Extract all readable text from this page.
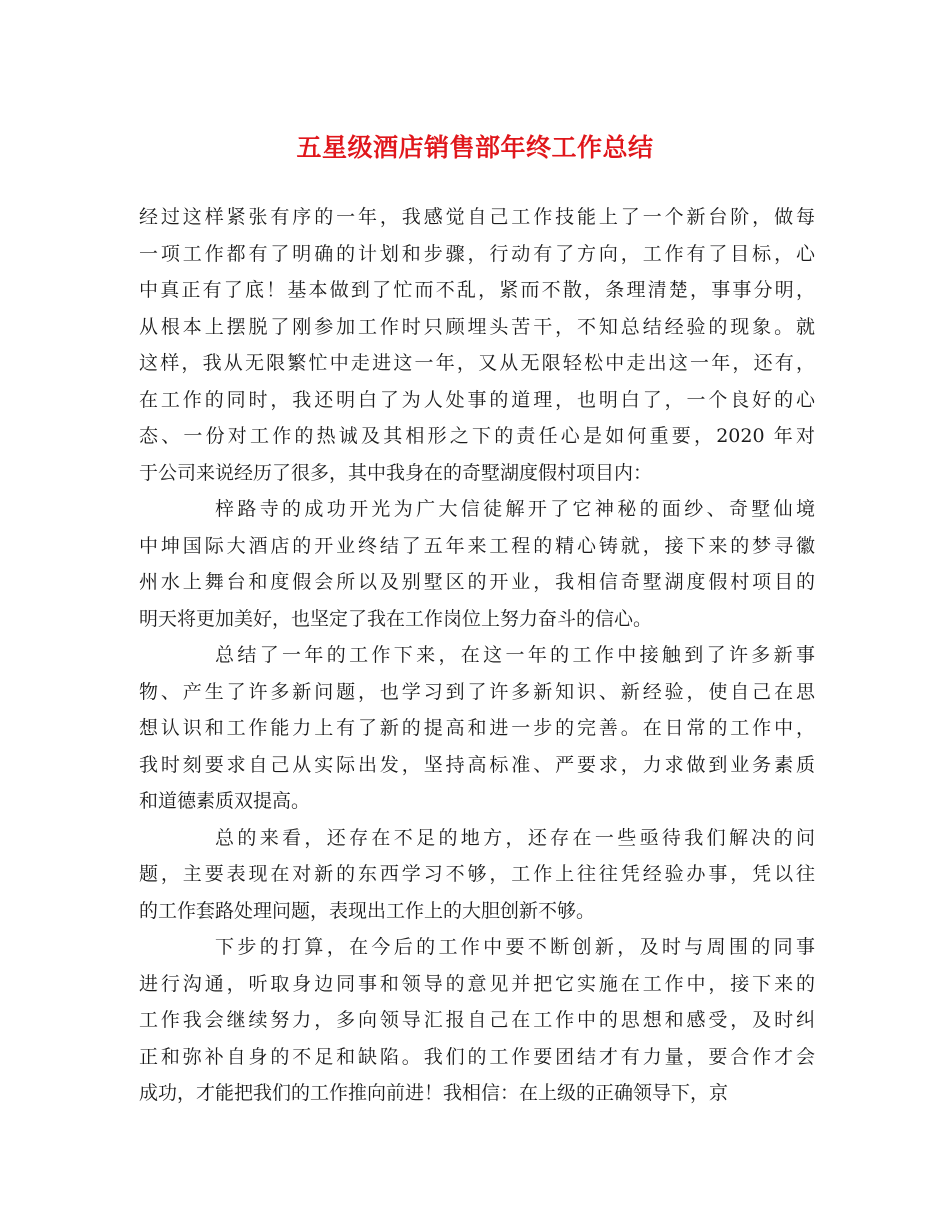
五星级酒店销售部年终工作总结
经过这样紧张有序的一年，我感觉自己工作技能上了一个新台阶，做每
一项工作都有了明确的计划和步骤，行动有了方向，工作有了目标，心
中真正有了底！基本做到了忙而不乱，紧而不散，条理清楚，事事分明，
从根本上摆脱了刚参加工作时只顾埋头苦干，不知总结经验的现象。就
这样，我从无限繁忙中走进这一年，又从无限轻松中走出这一年，还有，
在工作的同时，我还明白了为人处事的道理，也明白了，一个良好的心
态、一份对工作的热诚及其相形之下的责任心是如何重要，2020 年对
于公司来说经历了很多，其中我身在的奇墅湖度假村项目内：
梓路寺的成功开光为广大信徒解开了它神秘的面纱、奇墅仙境
中坤国际大酒店的开业终结了五年来工程的精心铸就，接下来的梦寻徽
州水上舞台和度假会所以及别墅区的开业，我相信奇墅湖度假村项目的
明天将更加美好，也坚定了我在工作岗位上努力奋斗的信心。
总结了一年的工作下来，在这一年的工作中接触到了许多新事
物、产生了许多新问题，也学习到了许多新知识、新经验，使自己在思
想认识和工作能力上有了新的提高和进一步的完善。在日常的工作中，
我时刻要求自己从实际出发，坚持高标准、严要求，力求做到业务素质
和道德素质双提高。
总的来看，还存在不足的地方，还存在一些亟待我们解决的问
题，主要表现在对新的东西学习不够，工作上往往凭经验办事，凭以往
的工作套路处理问题，表现出工作上的大胆创新不够。
下步的打算，在今后的工作中要不断创新，及时与周围的同事
进行沟通，听取身边同事和领导的意见并把它实施在工作中，接下来的
工作我会继续努力，多向领导汇报自己在工作中的思想和感受，及时纠
正和弥补自身的不足和缺陷。我们的工作要团结才有力量，要合作才会
成功，才能把我们的工作推向前进！我相信：在上级的正确领导下，京
